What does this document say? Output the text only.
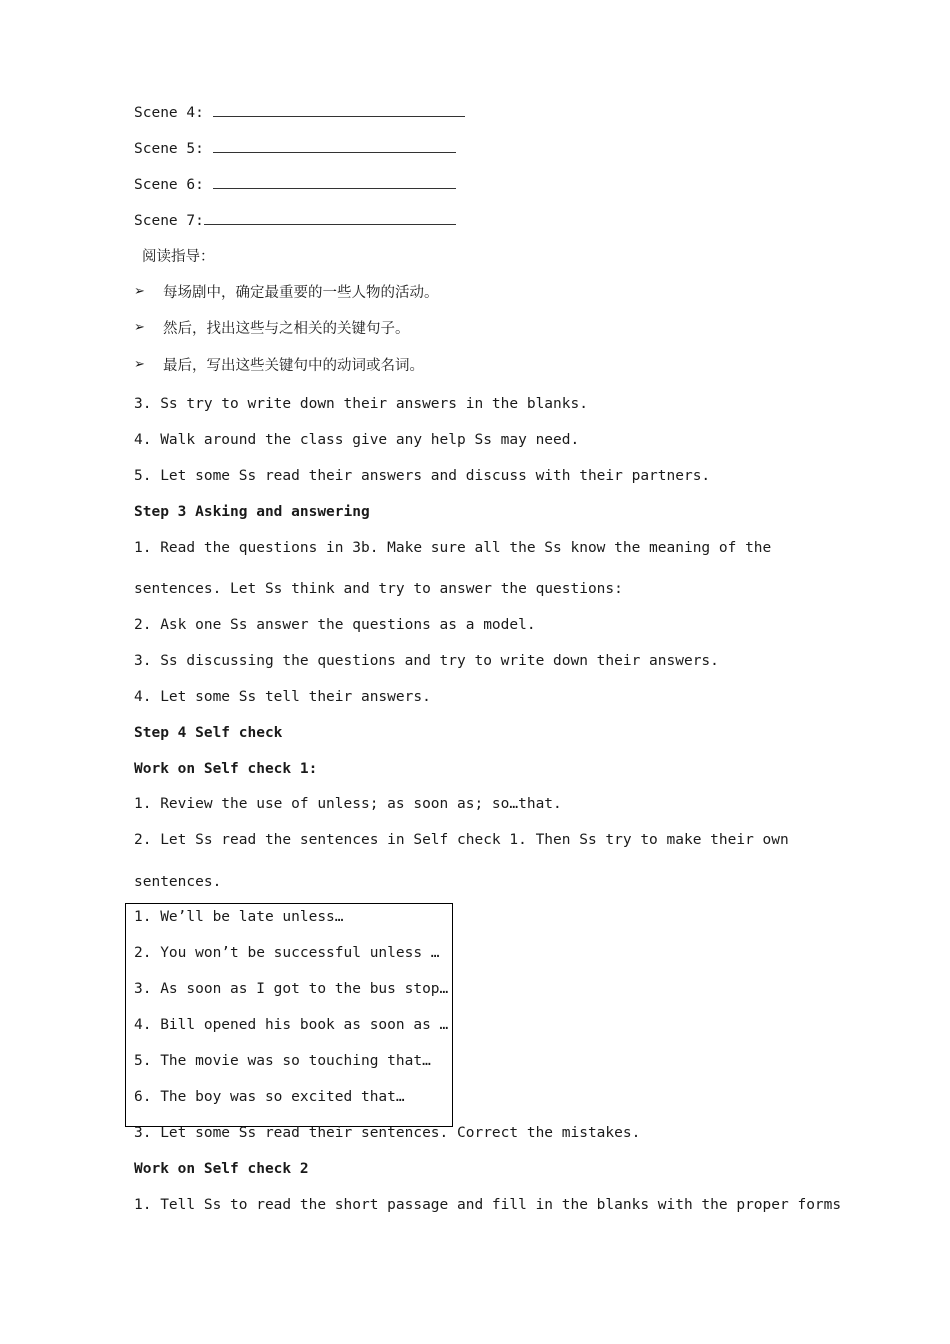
Scene 4:
Scene 5:
Scene 6:
Scene 7:
阅读指导：
➢ 每场剧中，确定最重要的一些人物的活动。
➢ 然后，找出这些与之相关的关键句子。
➢ 最后，写出这些关键句中的动词或名词。
3. Ss try to write down their answers in the blanks.
4. Walk around the class give any help Ss may need.
5. Let some Ss read their answers and discuss with their partners.
Step 3 Asking and answering
1. Read the questions in 3b. Make sure all the Ss know the meaning of the
sentences. Let Ss think and try to answer the questions:
2. Ask one Ss answer the questions as a model.
3. Ss discussing the questions and try to write down their answers.
4. Let some Ss tell their answers.
Step 4 Self check
Work on Self check 1:
1. Review the use of unless; as soon as; so…that.
2. Let Ss read the sentences in Self check 1. Then Ss try to make their own
sentences.
1. We’ll be late unless…
2. You won’t be successful unless …
3. As soon as I got to the bus stop…
4. Bill opened his book as soon as …
5. The movie was so touching that…
6. The boy was so excited that…
3. Let some Ss read their sentences. Correct the mistakes.
Work on Self check 2
1. Tell Ss to read the short passage and fill in the blanks with the proper forms
